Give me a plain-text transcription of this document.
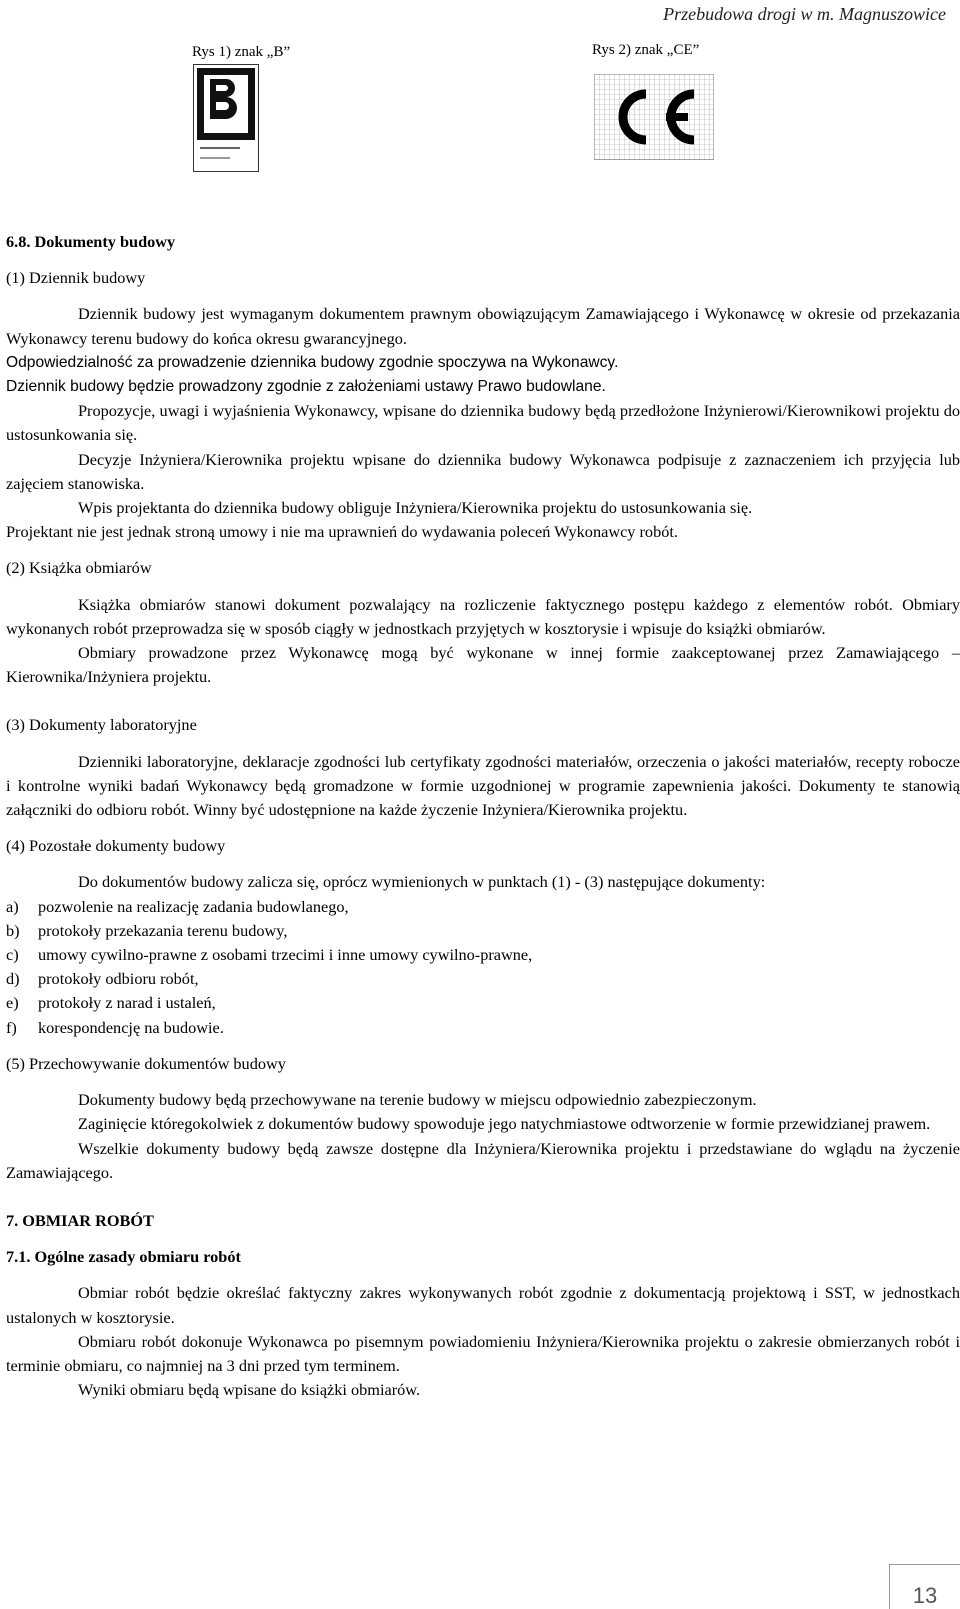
Przebudowa drogi w m. Magnuszowice
Rys 1) znak „B”	Rys 2) znak „CE”

6.8. Dokumenty budowy

(1) Dziennik budowy

Dziennik budowy jest wymaganym dokumentem prawnym obowiązującym Zamawiającego i Wykonawcę w okresie od przekazania Wykonawcy terenu budowy do końca okresu gwarancyjnego.

Odpowiedzialność za prowadzenie dziennika budowy zgodnie spoczywa na Wykonawcy.

Dziennik budowy będzie prowadzony zgodnie z założeniami ustawy Prawo budowlane.

Propozycje, uwagi i wyjaśnienia Wykonawcy, wpisane do dziennika budowy będą przedłożone Inżynierowi/Kierownikowi projektu do ustosunkowania się.

Decyzje Inżyniera/Kierownika projektu wpisane do dziennika budowy Wykonawca podpisuje z zaznaczeniem ich przyjęcia lub zajęciem stanowiska.

Wpis projektanta do dziennika budowy obliguje Inżyniera/Kierownika projektu do ustosunkowania się.

Projektant nie jest jednak stroną umowy i nie ma uprawnień do wydawania poleceń Wykonawcy robót.

(2) Książka obmiarów

Książka obmiarów stanowi dokument pozwalający na rozliczenie faktycznego postępu każdego z elementów robót. Obmiary wykonanych robót przeprowadza się w sposób ciągły w jednostkach przyjętych w kosztorysie i wpisuje do książki obmiarów.

Obmiary prowadzone przez Wykonawcę mogą być wykonane w innej formie zaakceptowanej przez Zamawiającego – Kierownika/Inżyniera projektu.

(3) Dokumenty laboratoryjne

Dzienniki laboratoryjne, deklaracje zgodności lub certyfikaty zgodności materiałów, orzeczenia o jakości materiałów, recepty robocze i kontrolne wyniki badań Wykonawcy będą gromadzone w formie uzgodnionej w programie zapewnienia jakości. Dokumenty te stanowią załączniki do odbioru robót. Winny być udostępnione na każde życzenie Inżyniera/Kierownika projektu.

(4) Pozostałe dokumenty budowy

Do dokumentów budowy zalicza się, oprócz wymienionych w punktach (1) - (3) następujące dokumenty:

a)	pozwolenie na realizację zadania budowlanego,
b)	protokoły przekazania terenu budowy,
c)	umowy cywilno-prawne z osobami trzecimi i inne umowy cywilno-prawne,
d)	protokoły odbioru robót,
e)	protokoły z narad i ustaleń,
f)	korespondencję na budowie.

(5) Przechowywanie dokumentów budowy

Dokumenty budowy będą przechowywane na terenie budowy w miejscu odpowiednio zabezpieczonym.

Zaginięcie któregokolwiek z dokumentów budowy spowoduje jego natychmiastowe odtworzenie w formie przewidzianej prawem.

Wszelkie dokumenty budowy będą zawsze dostępne dla Inżyniera/Kierownika projektu i przedstawiane do wglądu na życzenie Zamawiającego.

7. OBMIAR ROBÓT

7.1. Ogólne zasady obmiaru robót

Obmiar robót będzie określać faktyczny zakres wykonywanych robót zgodnie z dokumentacją projektową i SST, w jednostkach ustalonych w kosztorysie.

Obmiaru robót dokonuje Wykonawca po pisemnym powiadomieniu Inżyniera/Kierownika projektu o zakresie obmierzanych robót i terminie obmiaru, co najmniej na 3 dni przed tym terminem.

Wyniki obmiaru będą wpisane do książki obmiarów.

13
